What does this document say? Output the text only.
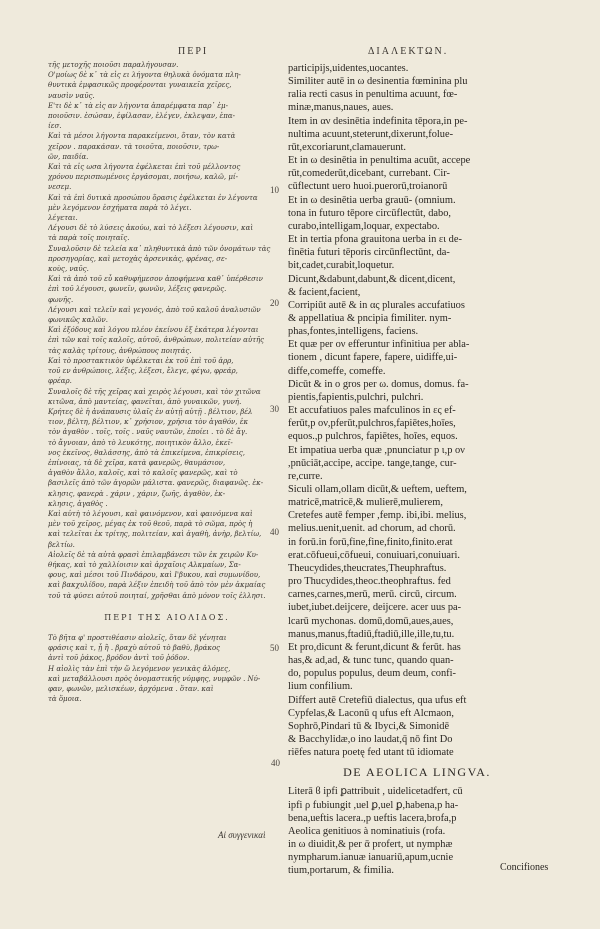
ΠΕΡΙ	ΔΙΑΛΕΚΤΩΝ.
τῆς μετοχῆς ποιοῦσι παραλήγουσαν.
Ο'μοίως δὲ κ᾽ τὰ εἰς ει λήγοντα θηλυκὰ ὀνόματα πλη-
θυντικὰ ἐμφασικῶς προφέρονται γυναικεῖα χεῖρες,
ναυσὶν ναῦς.
Ε'τι δὲ κ᾽ τὰ εἰς αν λήγοντα ἀπαρέμφατα παρ᾽ ἐμ-
ποιοῦσιν. ἐσώσαν, ἐφίλασαν, ἐλέγεν, ἐκλεψαν, ἐπα-
ίεσ.
Καὶ τὰ μέσοι λήγοντα παρακείμενοι, ὅταν, τὸν κατὰ
χεῖρον . παρακάσαν. τὰ τοιοῦτα, ποιοῦσιν, τρω-
ῶν, παιδία.
Καὶ τὰ εἰς ωσα λήγοντα ἐφέλκεται ἐπὶ τοῦ μέλλοντος
χρόνου περισπωμένοις ἐργάσομαι, ποιήσω, καλῶ, μί-
νεσεμ.
Καὶ τὰ ἐπὶ δυτικὰ προσώπου ὅρασις ἐφέλκεται ἐν λέγοντα
μὲν λεγόμενον ἐσχήματα παρὰ τὸ λέγει.
λέγεται.
Λέγουσι δὲ τὸ λύσεις ἀκούω, καὶ τὸ λέξεσι λέγουσιν, καὶ
τὰ παρὰ τοῖς ποιηταῖς.
Συναλοῦσιν δὲ τελεία κα᾽ πληθυντικὰ ἀπὸ τῶν ὀνομάτων τὰς
προσηγορίας, καὶ μετοχὰς ἀρσενικὰς, φρένας, σε-
κοὺς, ναῦς.
Καὶ τὰ ἀπὸ τοῦ εὖ καθυφήμεσον ἀποφήμενα καθ᾽ ὑπέρθεσιν
ἐπὶ τοῦ λέγουσι, φωνεῖν, φωνῶν, λέξεις φανερῶς.
φωνῆς.
Λέγουσι καὶ τελεῖν καὶ γεγονός, ἀπὸ τοῦ καλοῦ ἀναλυσιῶν
φωνικῶς καλῶν.
Καὶ ἐξόδους καὶ λόγου πλέον ἐκείνου ἐξ ἑκάτερα λέγονται
ἐπὶ τῶν καὶ τοῖς καλοῖς, αὐτοῦ, ἀνθρώπων, πολιτείαν αὐτῆς
τὰς καλὰς τρίτους, ἀνθρώπους ποιητάς.
Καὶ τὸ προστακτικὸν ὑφέλκεται ἐκ τοῦ ἐπὶ τοῦ ἀρρ,
τοῦ εν ἀνθρώποις, λέξις, λέξεσι, ἔλεγε, φέγω, φρεάρ,
φρέαρ.
Συναλοῖς δὲ τῆς χεῖρας καὶ χειρὸς λέγουσι, καὶ τὸν χιτῶνα
κιτῶνα, ἀπὸ μαντείας, φανεῖται, ἀπὸ γυναικῶν, γυνή.
Κρήτες δὲ ἡ ἀνάπαυσις ὑλαῖς ἐν αὐτῇ αὐτῇ . βέλτιον, βέλ
τιον, βέλτη, βέλτιον, κ᾽ χρήσιον, χρήσια τὸν ἀγαθόν, ἐκ
τὸν ἀγαθὸν . τοῖς, τοῖς . ναῦς ναυτῶν, ἐποίει . τὸ δὲ ἄγ.
τὸ ἄγνοιαν, ἀπὸ τὸ λευκότης, ποιητικὸν ἄλλο, ἐκεῖ-
νος ἐκεῖνος, θαλάσσης, ἀπὸ τὰ ἐπικείμενα, ἐπικρίσεις,
ἐπίνοιας, τὰ δὲ χεῖρα, κατὰ φανερῶς, θαυμάσιον,
ἀγαθὸν ἄλλο, καλοῖς, καὶ τὸ καλοῖς φανερῶς, καὶ τὸ
βασιλεῖς ἀπὸ τῶν ἀγορῶν μάλιστα. φανερῶς, διαφανῶς. ἐκ-
κλησις, φανερὰ . χάριν , χάριν, ζωῆς, ἀγαθὸν, ἐκ-
κλησις, ἀγαθὸς .
Καὶ αὐτὴ τὸ λέγουσι, καὶ φαινόμενον, καὶ φαινόμενα καὶ
μὲν τοῦ χεῖρος, μέγας ἐκ τοῦ θεοῦ, παρὰ τὸ σῶμα, πρὸς ἡ
καὶ τελεῖται ἐκ τρίτης, πολιτείαν, καὶ ἀγαθὴ, ἀνὴρ, βελτίω,
βελτίω.
Αἰολεῖς δὲ τὰ αὐτὰ φρασὶ ἐπιλαμβάνεσι τῶν ἐκ χειρῶν Κυ-
θήκας, καὶ τὸ χαλλίοισιν καὶ ἀρχαῖοις Αλκμαίων, Σα-
φους, καὶ μέσοι τοῦ Πινδάρου, καὶ Ι'βυκου, καὶ συμωνίδου,
καὶ βακχυλίδου, παρὰ λέξιν ἐπειδὴ τοῦ ἀπὸ τὸν μὲν ἀκμαίας
τοῦ τὰ φύσει αὐτοῦ ποιηταί, χρῆσθαι ἀπὸ μόνον τοῖς ἐλλησι.
ΠΕΡΙ ΤΗΣ ΑΙΟΛΙΔΟΣ.
Τὸ βῆτα φ' προστιθέασιν αἰολεῖς, ὅταν δὲ γένηται
φράσις καὶ τ, ᾗ ἢ . βραχὺ αὐτοῦ τὸ βαθὺ, βράκος
ἀντὶ τοῦ ῥάκος, βρόδον ἀντὶ τοῦ ῥόδον.
Η αἰολὶς τὰν ἐπὶ τὴν ὤ λεγόμενον γενικὰς ἀλόμες,
καὶ μεταβάλλουσι πρὸς ὀνομαστικῆς νύμφης, νυμφῶν . Νύ-
φαν, φωνῶν, μελισκέων, ἀρχόμενα . ὅταν. καὶ
τὰ ὅμοια.
Αἱ συγγενικαὶ
participijs,uidentes,uocantes.
Similiter autē in ω desinentia fœminina plu
ralia recti casus in penultima acuunt, fœ-
minæ,manus,naues, aues.
Item in αν desinētia indefinita tēpora,in pe-
nultima acuunt,steterunt,dixerunt,folue-
rūt,excoriarunt,clamauerunt.
Et in ω desinētia in penultima acuūt, accepe
rūt,comederūt,dicebant, currebant. Cir-
cūflectunt uero huoi.puerorū,troianorū
Et in ω desinētia uerba grauū- (omnium.
tona in futuro tēpore circūflectūt, dabo,
curabo,intelligam,loquar, expectabo.
Et in tertia pfona grauitona uerba in ει de-
finētia futuri tēporis circūnflectūnt, da-
bit,cadet,curabit,loquetur.
Dicunt,&dabunt,dabunt,& dicent,dicent,
& facient,facient,
Corripiūt autē & in ας plurales accufatiuos
& appellatiua & pncipia fimiliter. nym-
phas,fontes,intelligens, faciens.
Et quæ per ον efferuntur infinitiua per abla-
tionem , dicunt fapere, fapere, uidiffe,ui-
diffe,comeffe, comeffe.
Dicūt & in ο gros per ω. domus, domus. fa-
pientis,fapientis,pulchri, pulchri.
Et accufatiuos pales mafculinos in ες ef-
ferūt,p ον,pferūt,pulchros,fapiētes,hoīes,
equos.,p pulchros, fapiētes, hoīes, equos.
Et impatiua uerba quæ ,pnunciatur p ι,p ον
,pnūciāt,accipe, accipe. tange,tange, cur-
re,curre.
Siculi ollam,ollam dicūt,& ueftem, ueftem,
matricē,matricē,& mulierē,mulierem,
Cretefes autē femper ,femp. ibi,ibi. melius,
melius.uenit,uenit. ad chorum, ad chorū.
in forū.in forū,fine,fine,finito,finito.erat
erat.cōfueui,cōfueui, conuiuari,conuiuari.
Theucydides,theucrates,Theuphraftus.
pro Thucydides,theoc.theophraftus. fed
carnes,carnes,merū, merū. circū, circum.
iubet,iubet.deijcere, deijcere. acer uus pa-
lcarū mychonas. domū,domū,aues,aues,
manus,manus,ftadiū,ftadiū,ille,ille,tu,tu.
Et pro,dicunt & ferunt,dicunt & ferūt. has
has,& ad,ad, & tunc tunc, quando quan-
do, populus populus, deum deum, confi-
lium confilium.
Differt autē Cretefiū dialectus, qua ufus eft
Cypfelas,& Laconū q ufus eft Alcmaon,
Sophrō,Pindari tū & Ibyci,& Simonidē
& Bacchylidæ,o ino laudat,q̄ nō fint Do
riēfes natura poetę fed utant tū idiomate
DE AEOLICA LINGVA.
Literā ϐ ipfi ꝑattribuit , uidelicetadfert, cū
ipfi ρ fubiungit ,uel ꝑ,uel ꝑ,habena,p ha-
bena,ueftis lacera.,p ueftis lacera,brofa,p
Aeolica genitiuos à nominatiuis (rofa.
in ω diuidit,& per ᾱ profert, ut nymphæ
nympharum.ianuæ ianuariū,apum,ucnie
tium,portarum, & fimilia.	Concifiones
10
20
30
40
50
40
